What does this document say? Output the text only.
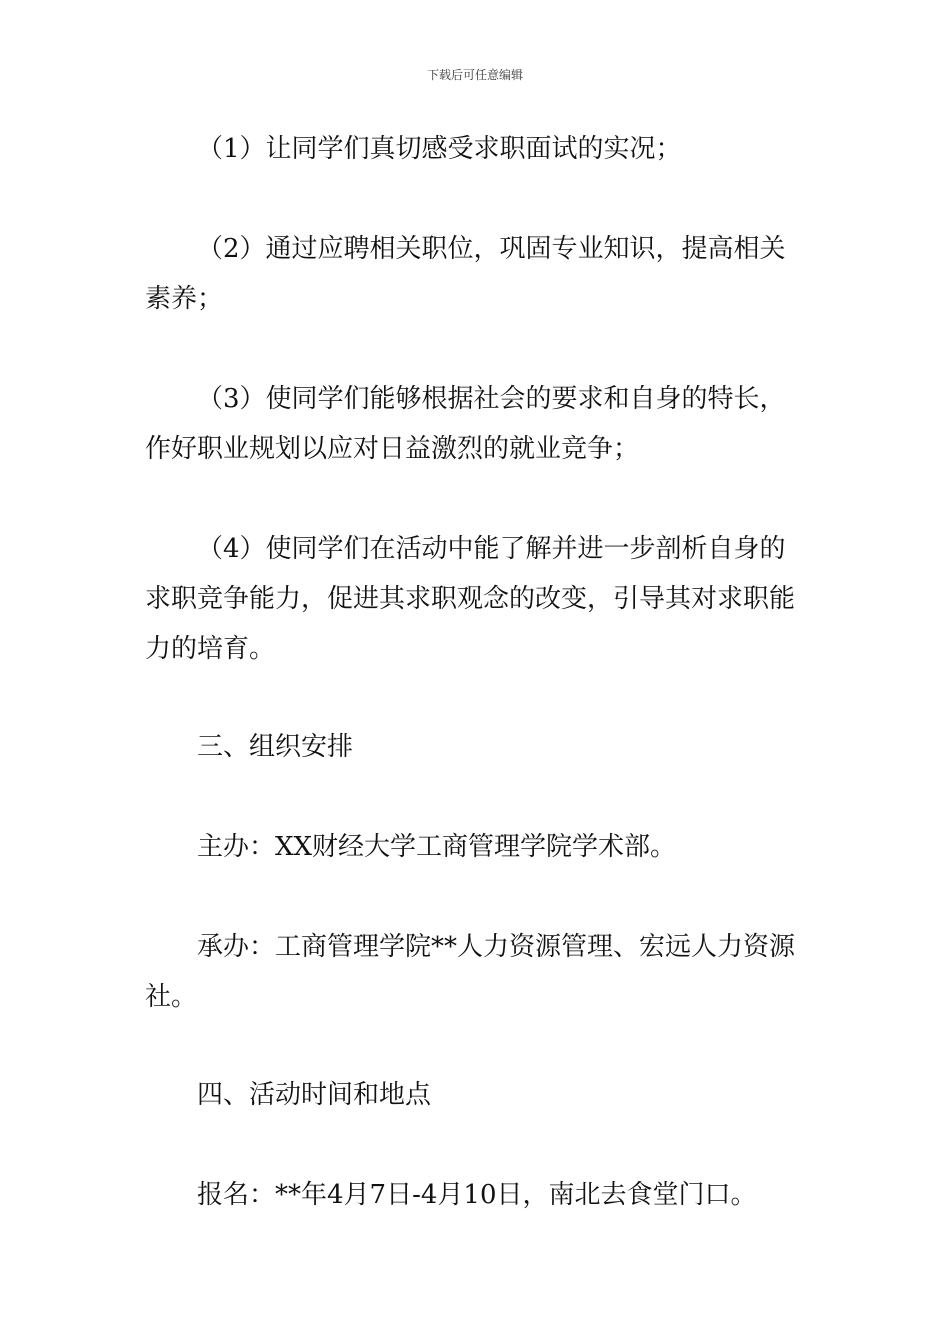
下载后可任意编辑

（1）让同学们真切感受求职面试的实况；

（2）通过应聘相关职位，巩固专业知识，提高相关素养；

（3）使同学们能够根据社会的要求和自身的特长，作好职业规划以应对日益激烈的就业竞争；

（4）使同学们在活动中能了解并进一步剖析自身的求职竞争能力，促进其求职观念的改变，引导其对求职能力的培育。

三、组织安排

主办：XX财经大学工商管理学院学术部。

承办：工商管理学院**人力资源管理、宏远人力资源社。

四、活动时间和地点

报名：**年4月7日-4月10日，南北去食堂门口。
